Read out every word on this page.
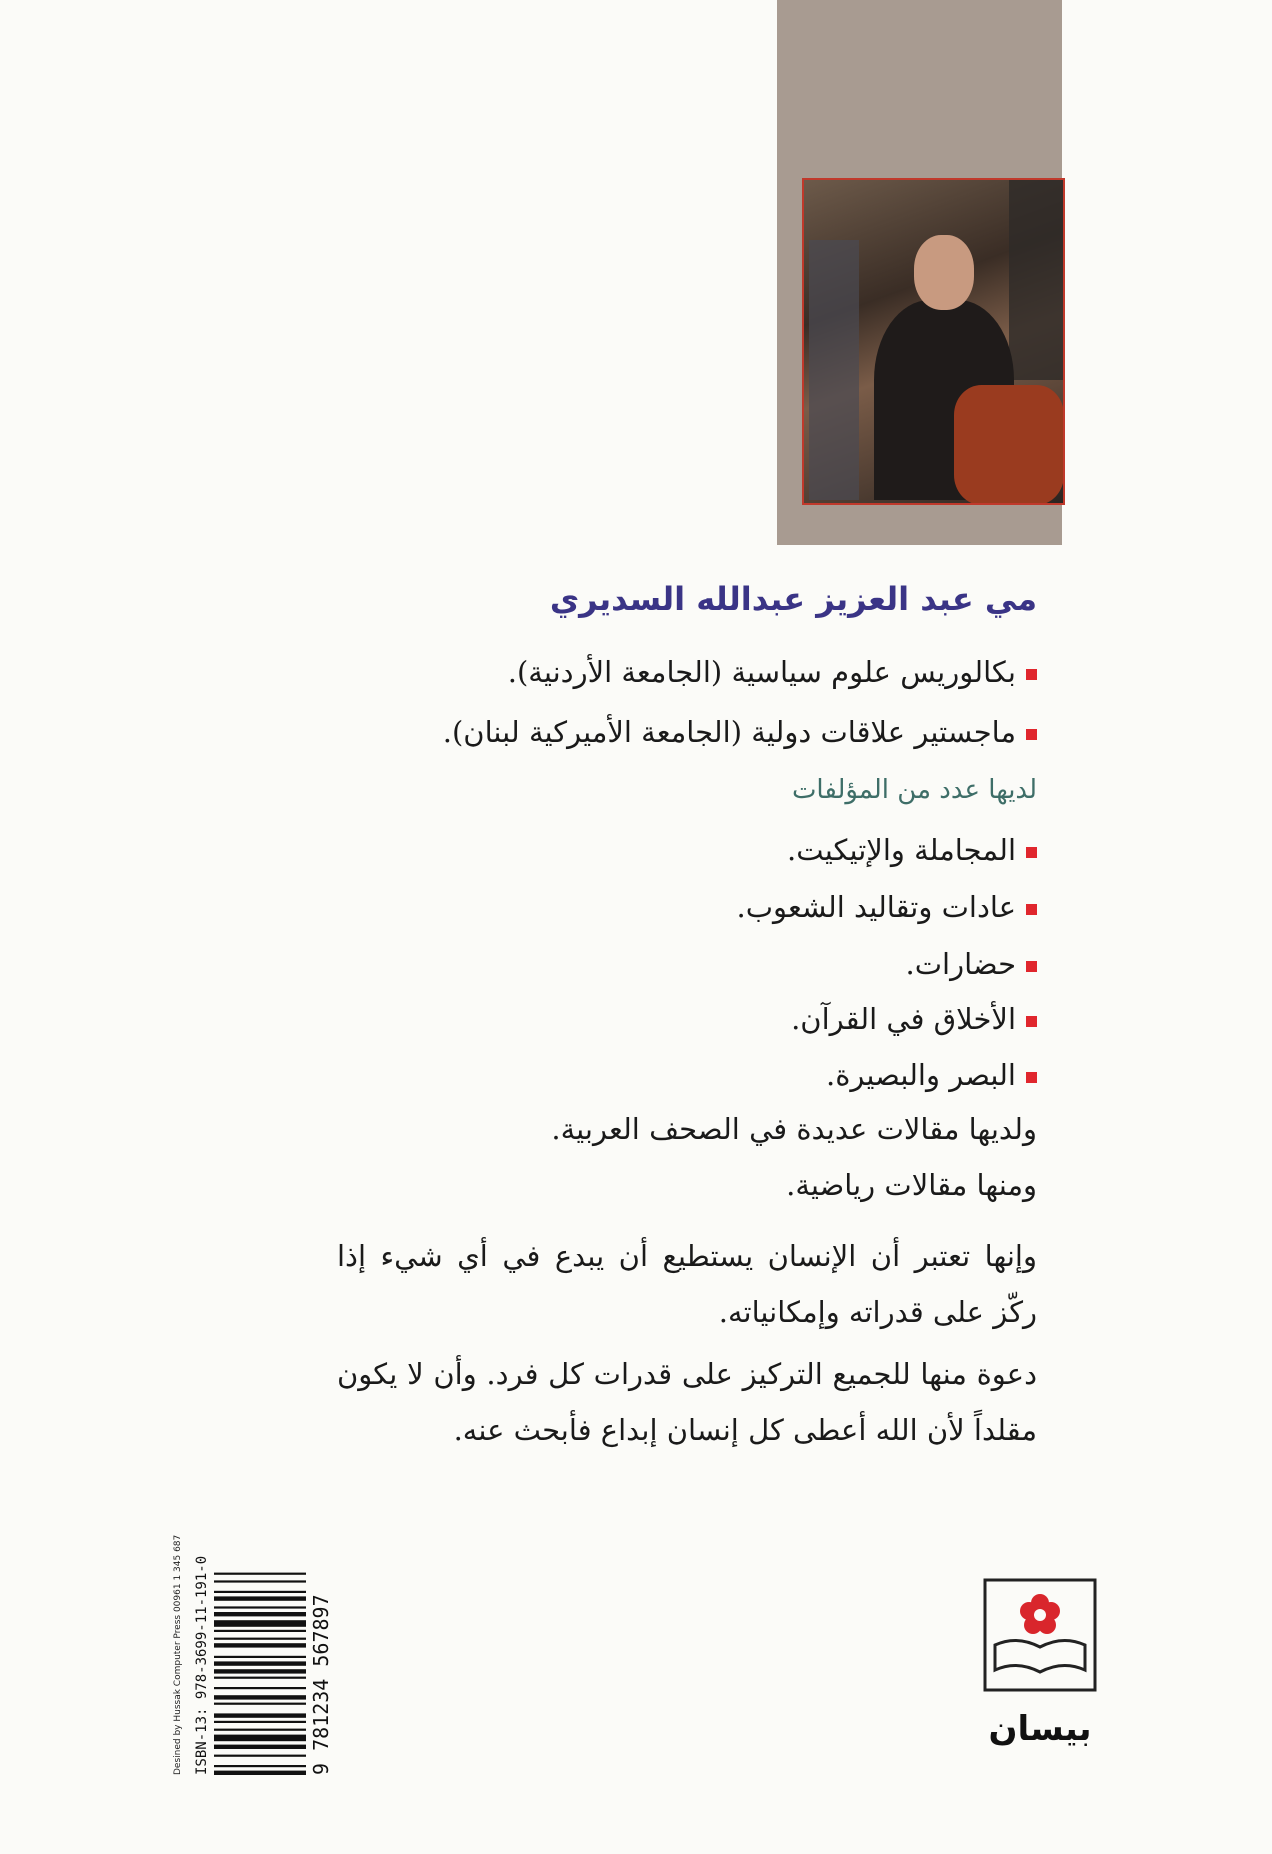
مي عبد العزيز عبدالله السديري
بكالوريس علوم سياسية (الجامعة الأردنية).
ماجستير علاقات دولية (الجامعة الأميركية لبنان).
لديها عدد من المؤلفات
المجاملة والإتيكيت.
عادات وتقاليد الشعوب.
حضارات.
الأخلاق في القرآن.
البصر والبصيرة.
ولديها مقالات عديدة في الصحف العربية.
ومنها مقالات رياضية.
وإنها تعتبر أن الإنسان يستطيع أن يبدع في أي شيء إذا ركّز على قدراته وإمكانياته.
دعوة منها للجميع التركيز على قدرات كل فرد. وأن لا يكون مقلداً لأن الله أعطى كل إنسان إبداع فأبحث عنه.
Desined by Hussak Computer Press 00961 1 345 687 ISBN-13: 978-3699-11-191-0	9 781234 567897	بيسان
